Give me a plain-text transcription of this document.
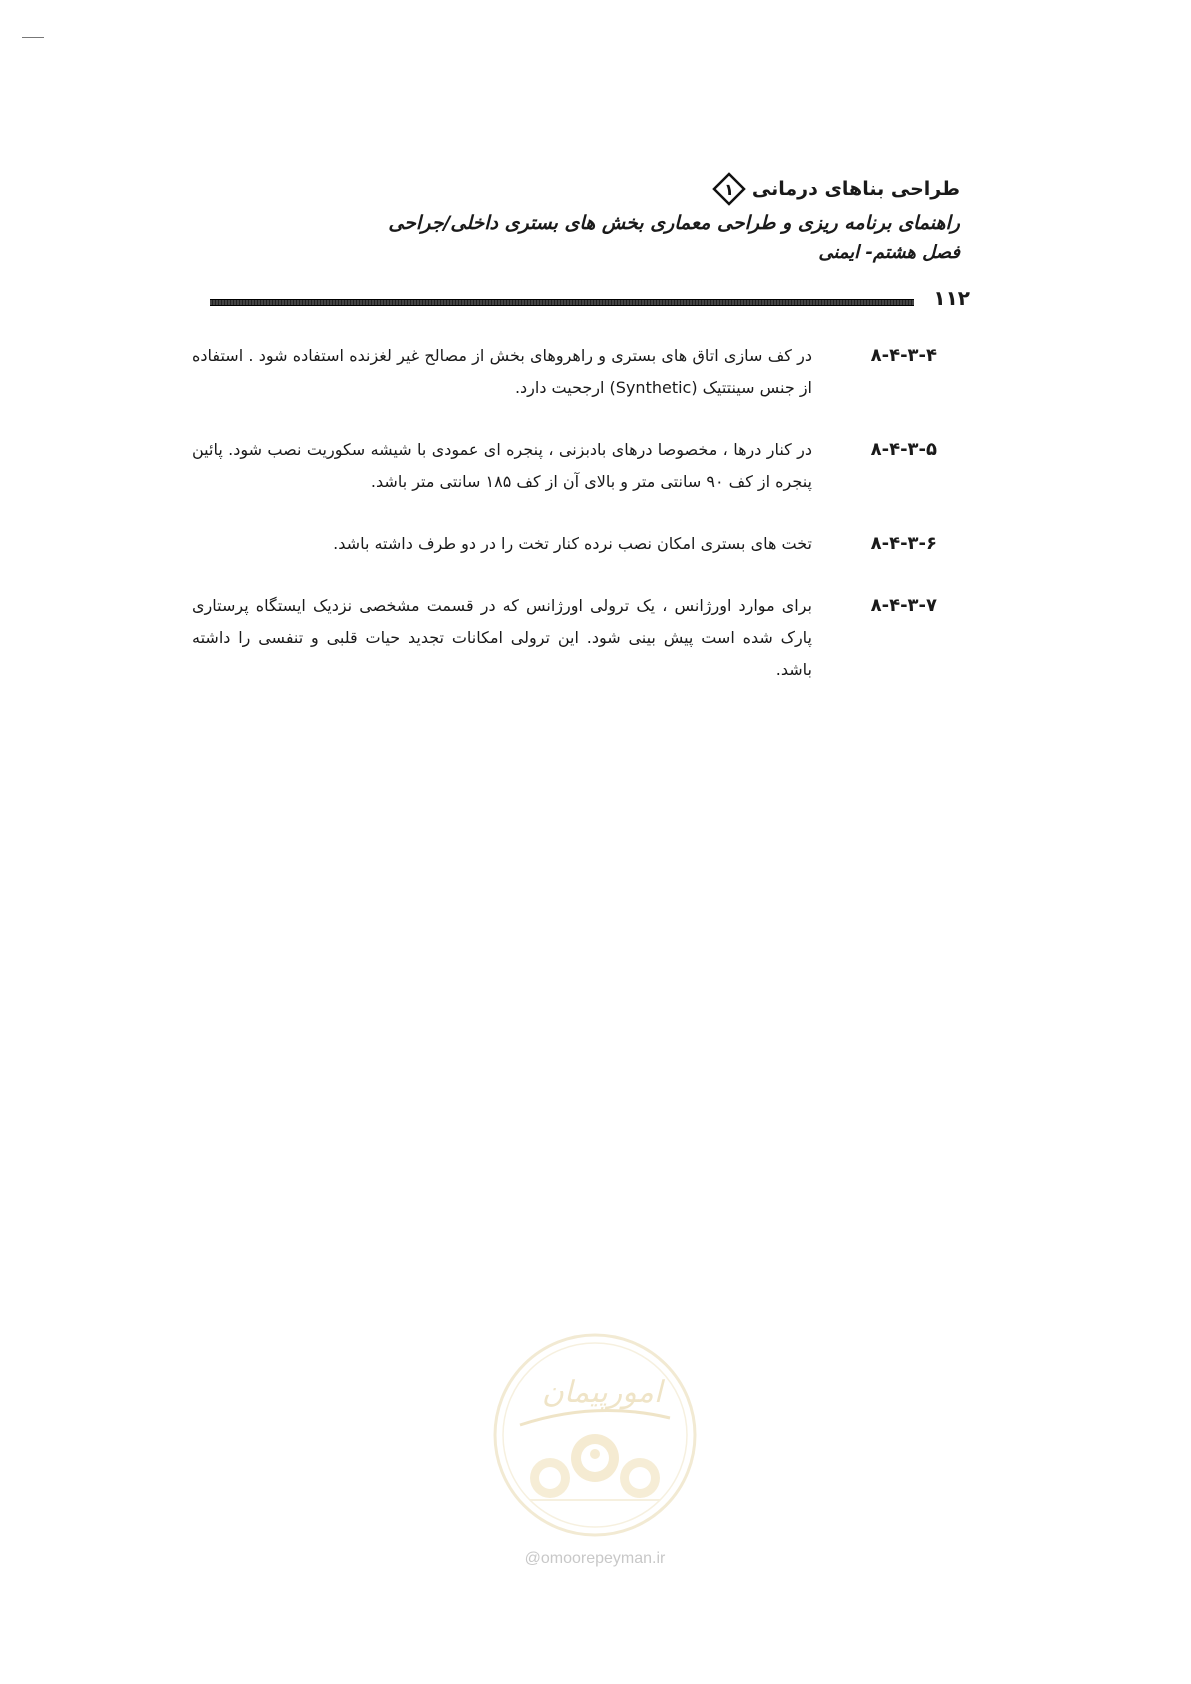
طراحی بناهای درمانی
۱
راهنمای برنامه ریزی و طراحی معماری بخش های بستری داخلی/جراحی
فصل هشتم- ایمنی
۱۱۲
۸-۴-۳-۴
در کف سازی اتاق های بستری و راهروهای بخش از مصالح غیر لغزنده استفاده شود . استفاده از جنس سینتتیک (Synthetic) ارجحیت دارد.
۸-۴-۳-۵
در کنار درها ، مخصوصا درهای بادبزنی ، پنجره ای عمودی با شیشه سکوریت نصب شود. پائین پنجره از کف ۹۰ سانتی متر و بالای آن از کف ۱۸۵ سانتی متر باشد.
۸-۴-۳-۶
تخت های بستری امکان نصب نرده کنار تخت را در دو طرف داشته باشد.
۸-۴-۳-۷
برای موارد اورژانس ، یک ترولی اورژانس که در قسمت مشخصی نزدیک ایستگاه پرستاری پارک شده است پیش بینی شود. این ترولی امکانات تجدید حیات قلبی و تنفسی را داشته باشد.
امورپیمان
@omoorepeyman.ir
